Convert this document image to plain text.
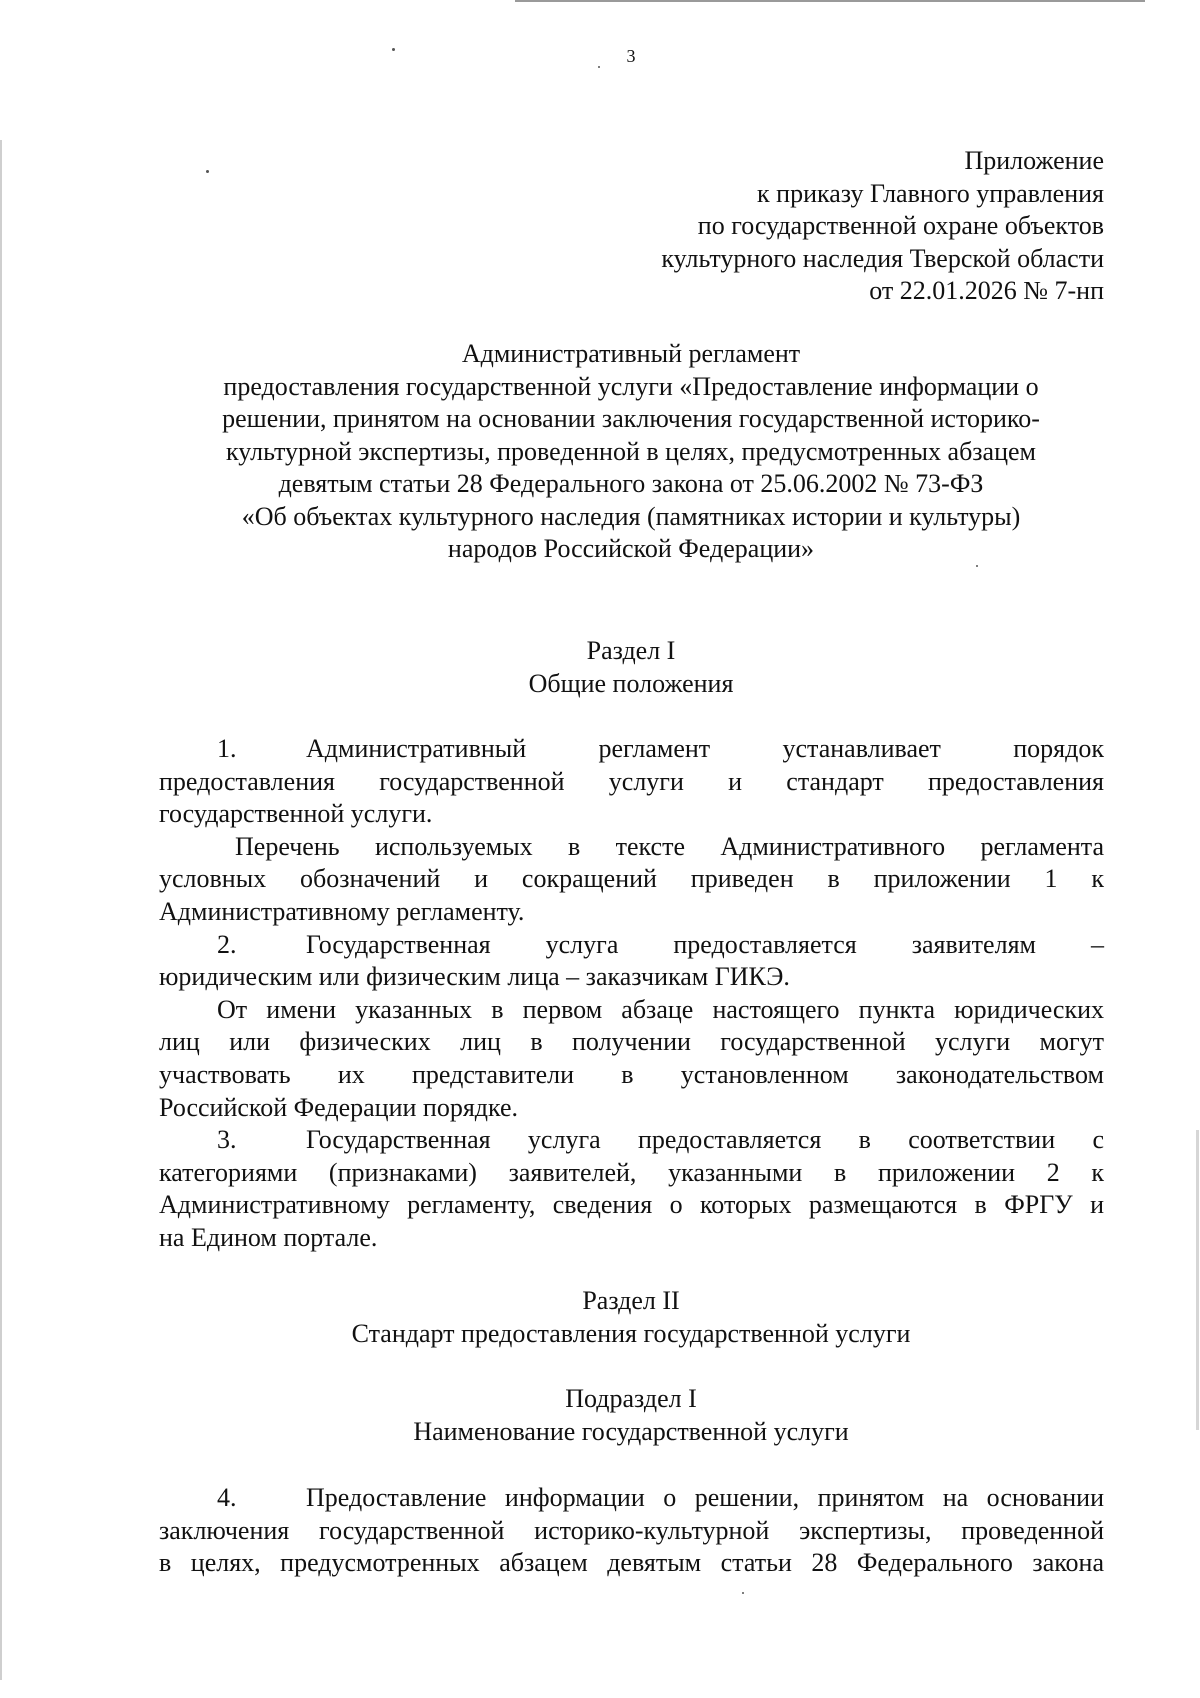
3
Приложение
к приказу Главного управления
по государственной охране объектов
культурного наследия Тверской области
от 22.01.2026 № 7-нп
Административный регламент
предоставления государственной услуги «Предоставление информации о
решении, принятом на основании заключения государственной историко-
культурной экспертизы, проведенной в целях, предусмотренных абзацем
девятым статьи 28 Федерального закона от 25.06.2002 № 73-ФЗ
«Об объектах культурного наследия (памятниках истории и культуры)
народов Российской Федерации»
Раздел I
Общие положения

1.	Административный регламент устанавливает порядок
предоставления государственной услуги и стандарт предоставления
государственной услуги.

Перечень используемых в тексте Административного регламента
условных обозначений и сокращений приведен в приложении 1 к
Административному регламенту.

2.	Государственная услуга предоставляется заявителям –
юридическим или физическим лица – заказчикам ГИКЭ.

От имени указанных в первом абзаце настоящего пункта юридических
лиц или физических лиц в получении государственной услуги могут
участвовать их представители в установленном законодательством
Российской Федерации порядке.

3.	Государственная услуга предоставляется в соответствии с
категориями (признаками) заявителей, указанными в приложении 2 к
Административному регламенту, сведения о которых размещаются в ФРГУ и
на Едином портале.

Раздел II
Стандарт предоставления государственной услуги
Подраздел I
Наименование государственной услуги

4.	Предоставление информации о решении, принятом на основании
заключения государственной историко-культурной экспертизы, проведенной
в целях, предусмотренных абзацем девятым статьи 28 Федерального закона
